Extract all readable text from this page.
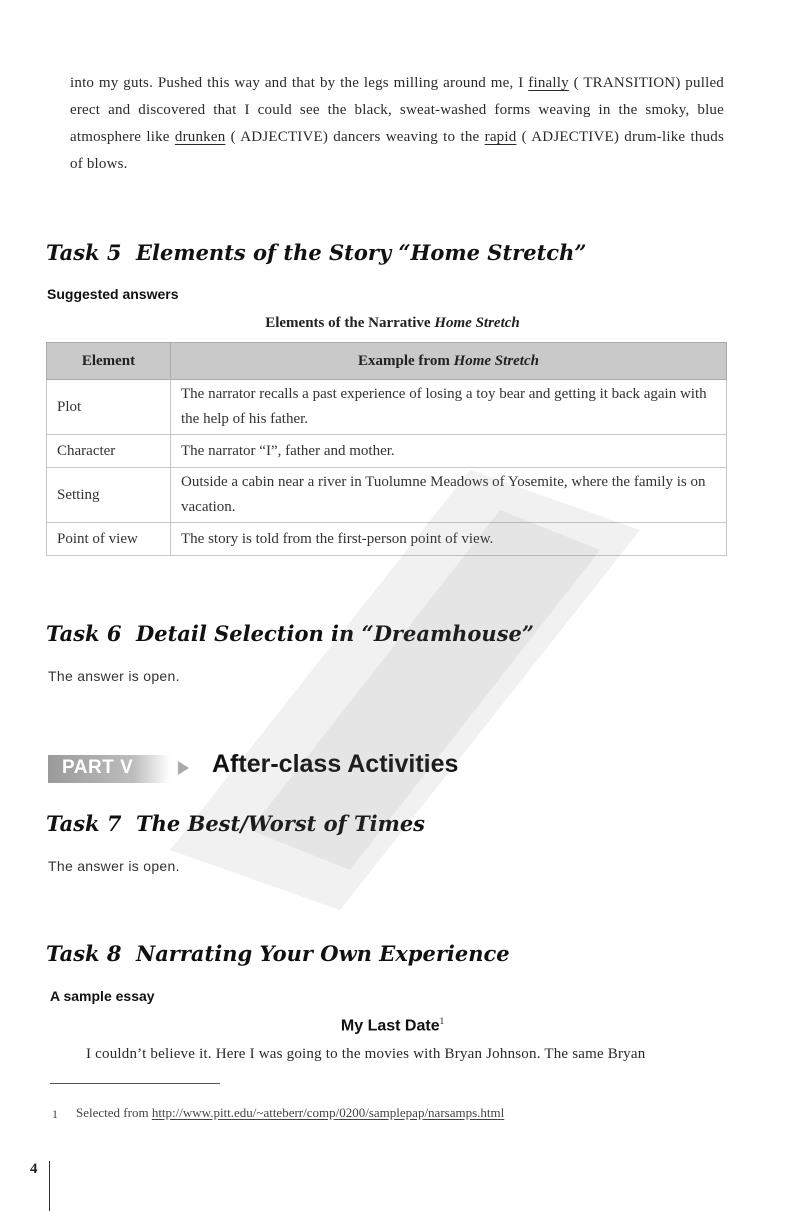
into my guts. Pushed this way and that by the legs milling around me, I finally ( TRANSITION) pulled erect and discovered that I could see the black, sweat-washed forms weaving in the smoky, blue atmosphere like drunken ( ADJECTIVE) dancers weaving to the rapid ( ADJECTIVE) drum-like thuds of blows.
Task 5 Elements of the Story “Home Stretch”
Suggested answers
Elements of the Narrative Home Stretch
Element	Example from Home Stretch
Plot	The narrator recalls a past experience of losing a toy bear and getting it back again with the help of his father.
Character	The narrator “I”, father and mother.
Setting	Outside a cabin near a river in Tuolumne Meadows of Yosemite, where the family is on vacation.
Point of view	The story is told from the first-person point of view.
Task 6 Detail Selection in “Dreamhouse”
The answer is open.
PART V	After-class Activities
Task 7 The Best/Worst of Times
The answer is open.
Task 8 Narrating Your Own Experience
A sample essay
My Last Date$^1$
I couldn’t believe it. Here I was going to the movies with Bryan Johnson. The same Bryan
1 Selected from http://www.pitt.edu/~atteberr/comp/0200/samplepap/narsamps.html
4
